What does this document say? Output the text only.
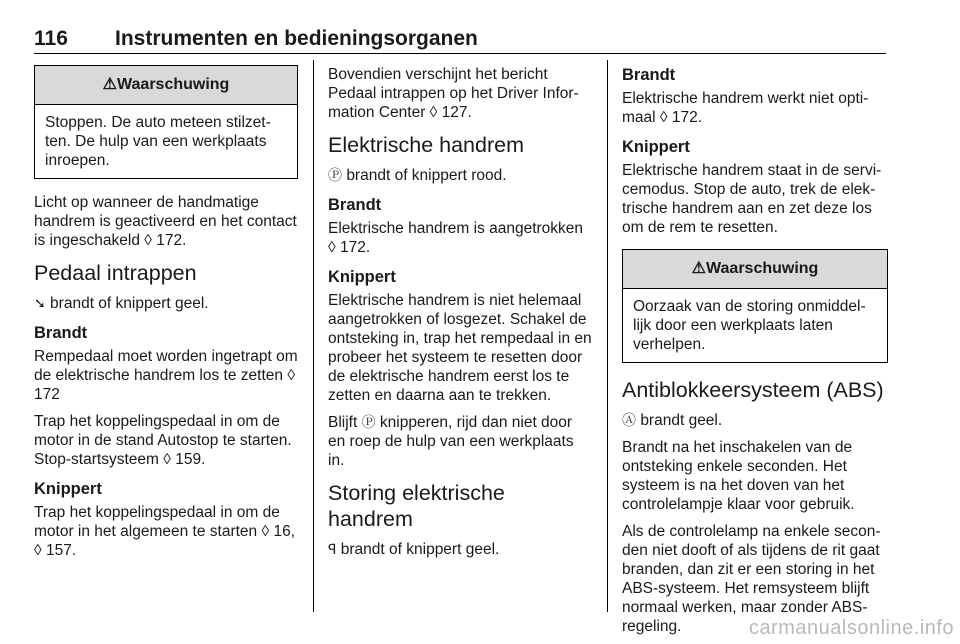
116 Instrumenten en bedieningsorganen
⚠Waarschuwing
Stoppen. De auto meteen stilzet-ten. De hulp van een werkplaats inroepen.

Licht op wanneer de handmatige handrem is geactiveerd en het contact is ingeschakeld ◊ 172.

Pedaal intrappen

➘ brandt of knippert geel.

Brandt

Rempedaal moet worden ingetrapt om de elektrische handrem los te zetten ◊ 172

Trap het koppelingspedaal in om de motor in de stand Autostop te starten. Stop-startsysteem ◊ 159.

Knippert

Trap het koppelingspedaal in om de motor in het algemeen te starten ◊ 16, ◊ 157.

Bovendien verschijnt het bericht Pedaal intrappen op het Driver Infor-mation Center ◊ 127.

Elektrische handrem

Ⓟ brandt of knippert rood.

Brandt

Elektrische handrem is aangetrokken ◊ 172.

Knippert

Elektrische handrem is niet helemaal aangetrokken of losgezet. Schakel de ontsteking in, trap het rempedaal in en probeer het systeem te resetten door de elektrische handrem eerst los te zetten en daarna aan te trekken.

Blijft Ⓟ knipperen, rijd dan niet door en roep de hulp van een werkplaats in.

Storing elektrische handrem

ꟼ brandt of knippert geel.

Brandt

Elektrische handrem werkt niet opti-maal ◊ 172.

Knippert

Elektrische handrem staat in de servi-cemodus. Stop de auto, trek de elek-trische handrem aan en zet deze los om de rem te resetten.

⚠Waarschuwing
Oorzaak van de storing onmiddel-lijk door een werkplaats laten verhelpen.
Antiblokkeersysteem (ABS)

Ⓐ brandt geel.

Brandt na het inschakelen van de ontsteking enkele seconden. Het systeem is na het doven van het controlelampje klaar voor gebruik.

Als de controlelamp na enkele secon-den niet dooft of als tijdens de rit gaat branden, dan zit er een storing in het ABS-systeem. Het remsysteem blijft normaal werken, maar zonder ABS-regeling.	carmanualsonline.info
